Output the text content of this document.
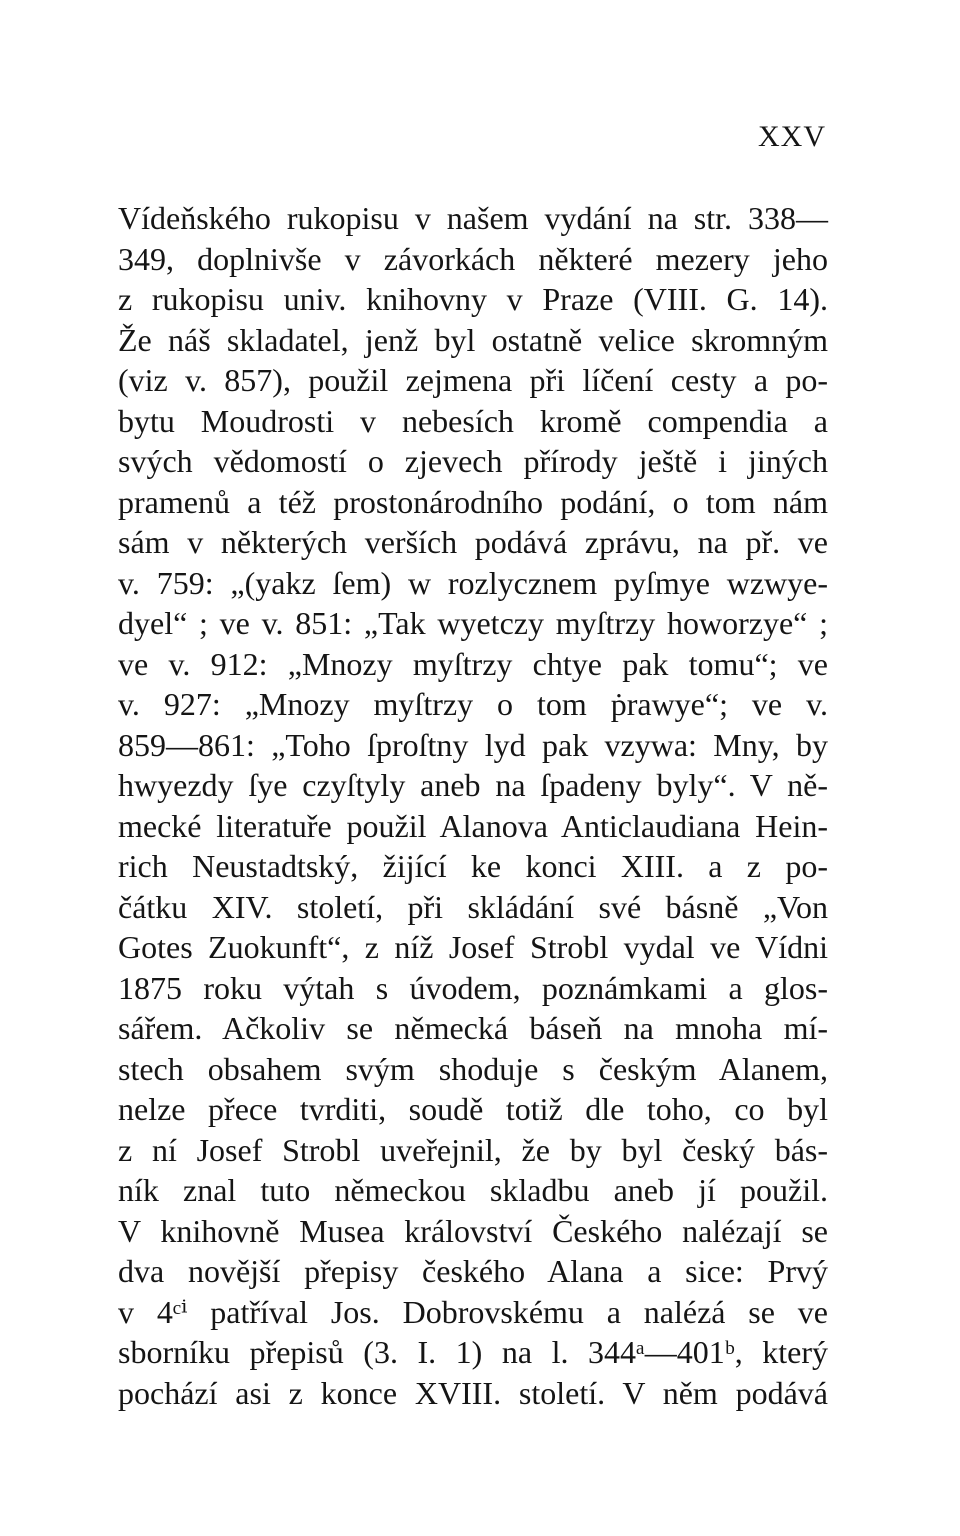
XXV
Vídeňského rukopisu v našem vydání na str. 338—
349, doplnivše v závorkách některé mezery jeho
z rukopisu univ. knihovny v Praze (VIII. G. 14).
Že náš skladatel, jenž byl ostatně velice skromným
(viz v. 857), použil zejmena při líčení cesty a po-
bytu Moudrosti v nebesích kromě compendia a
svých vědomostí o zjevech přírody ještě i jiných
pramenů a též prostonárodního podání, o tom nám
sám v některých verších podává zprávu, na př. ve
v. 759: „(yakz ſem) w rozlycznem pyſmye wzwye-
dyel“ ; ve v. 851: „Tak wyetczy myſtrzy howorzye“ ;
ve v. 912: „Mnozy myſtrzy chtye pak tomu“; ve
v. 927: „Mnozy myſtrzy o tom ṗrawye“; ve v.
859—861: „Toho ſproſtny lyd pak vzywa: Mny, by
hwyezdy ſye czyſtyly aneb na ſpadeny byly“. V ně-
mecké literatuře použil Alanova Anticlaudiana Hein-
rich Neustadtský, žijící ke konci XIII. a z po-
čátku XIV. století, při skládání své básně „Von
Gotes Zuokunft“, z níž Josef Strobl vydal ve Vídni
1875 roku výtah s úvodem, poznámkami a glos-
sářem. Ačkoliv se německá báseň na mnoha mí-
stech obsahem svým shoduje s českým Alanem,
nelze přece tvrditi, soudě totiž dle toho, co byl
z ní Josef Strobl uveřejnil, že by byl český bás-
ník znal tuto německou skladbu aneb jí použil.
V knihovně Musea království Českého nalézají se
dva novější přepisy českého Alana a sice: Prvý
v 4ᶜⁱ patříval Jos. Dobrovskému a nalézá se ve
sborníku přepisů (3. I. 1) na l. 344ᵃ—401ᵇ, který
pochází asi z konce XVIII. století. V něm podává
